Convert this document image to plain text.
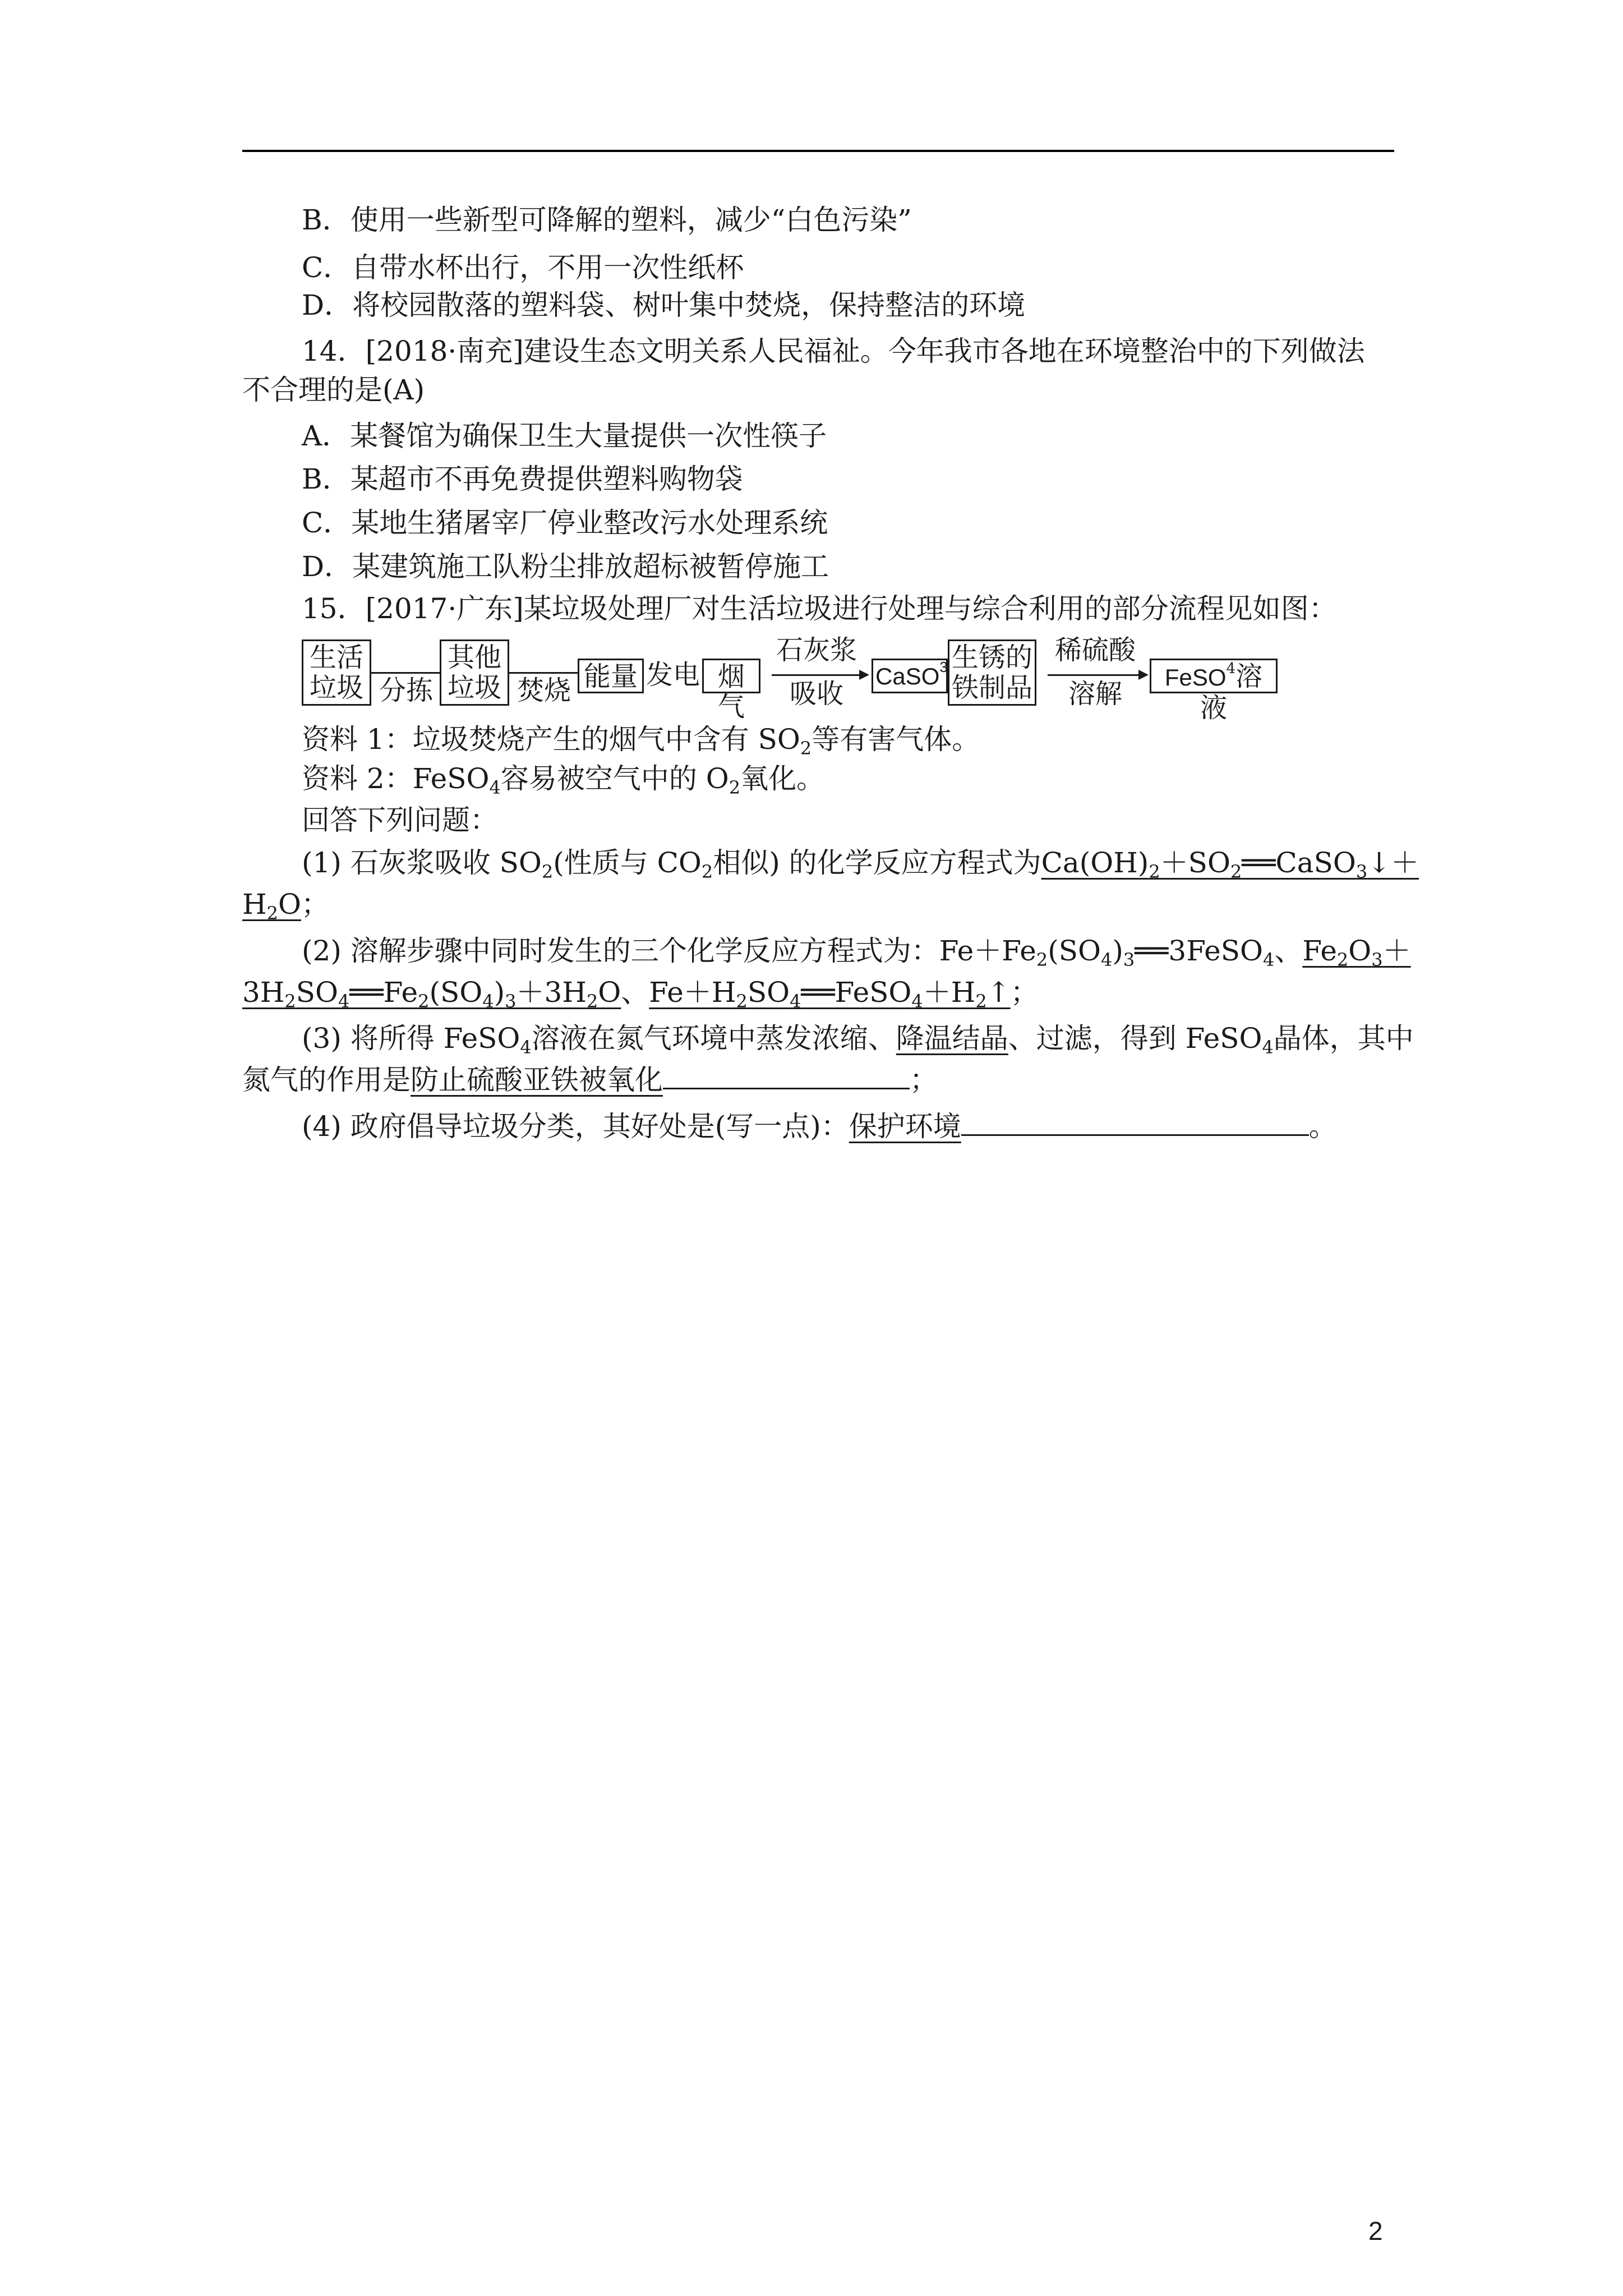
B．使用一些新型可降解的塑料，减少“白色污染”
C．自带水杯出行，不用一次性纸杯
D．将校园散落的塑料袋、树叶集中焚烧，保持整洁的环境
14．[2018·南充]建设生态文明关系人民福祉。今年我市各地在环境整治中的下列做法
不合理的是(A)
A．某餐馆为确保卫生大量提供一次性筷子
B．某超市不再免费提供塑料购物袋
C．某地生猪屠宰厂停业整改污水处理系统
D．某建筑施工队粉尘排放超标被暂停施工
15．[2017·广东]某垃圾处理厂对生活垃圾进行处理与综合利用的部分流程见如图：
生活
垃圾 分拣
其他
垃圾 焚烧 能量 发电 烟气
石灰浆
吸收
CaSO$^3$ 生锈的
铁制品
稀硫酸
溶解
FeSO$^4$溶液
资料 1：垃圾焚烧产生的烟气中含有 $SO_2$等有害气体。
资料 2：FeSO$_4$容易被空气中的 $O_2$氧化。
回答下列问题：
(1) 石灰浆吸收 $SO_2$(性质与 $CO_2$相似) 的化学反应方程式为$Ca(OH)_2+SO_2══CaSO_3↓+$
$H_2O$；
(2) 溶解步骤中同时发生的三个化学反应方程式为：$Fe+Fe_2(SO_4)_3══3FeSO_4$、$Fe_2O_3+$
$3H_2SO_4══Fe_2(SO_4)_3+3H_2O$、$Fe+H_2SO_4══FeSO_4+H_2↑$；
(3) 将所得 FeSO$_4$溶液在氮气环境中蒸发浓缩、降温结晶、过滤，得到 FeSO$_4$晶体，其中
氮气的作用是防止硫酸亚铁被氧化	；
(4) 政府倡导垃圾分类，其好处是(写一点)：保护环境	。
2
